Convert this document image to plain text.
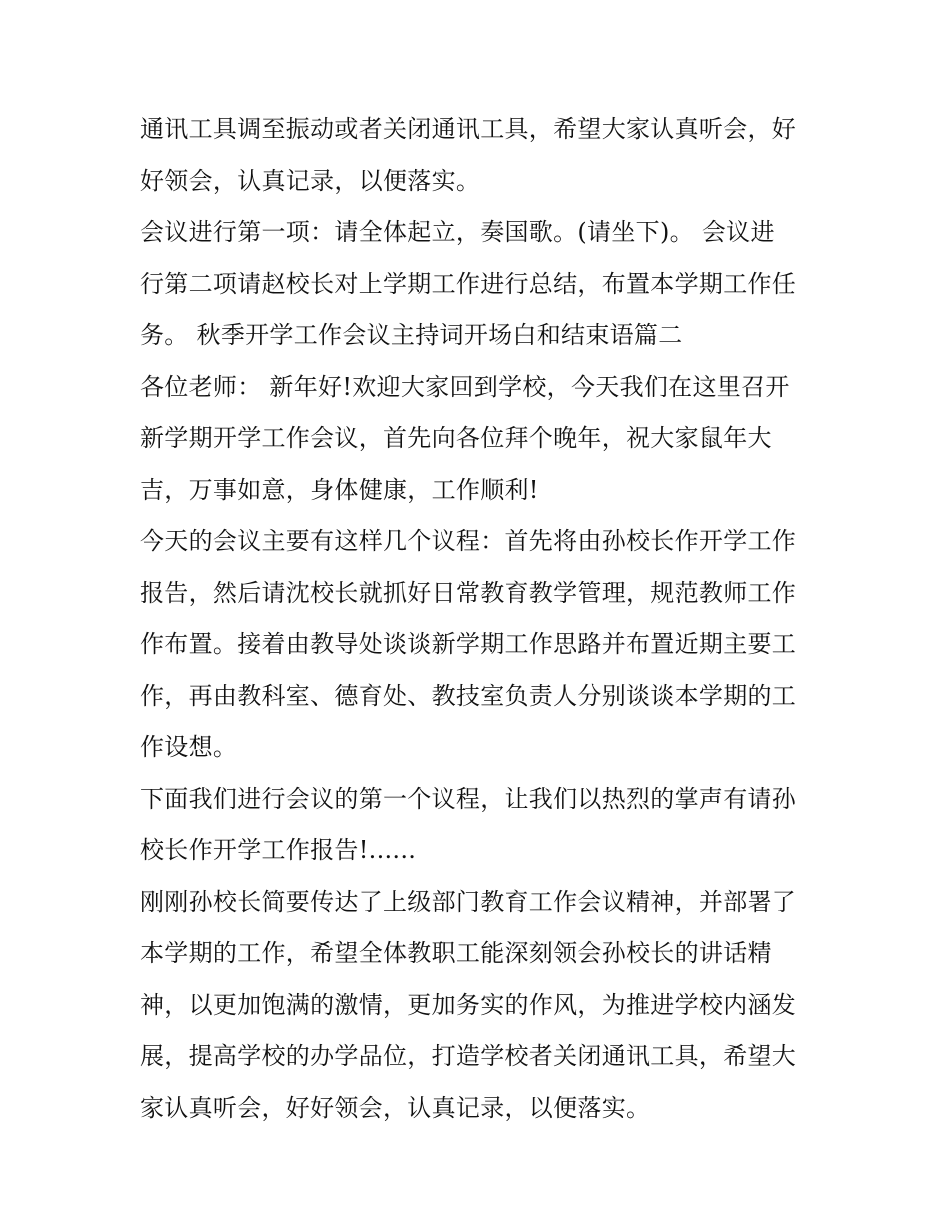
通讯工具调至振动或者关闭通讯工具，希望大家认真听会，好
好领会，认真记录，以便落实。
会议进行第一项：请全体起立，奏国歌。(请坐下)。 会议进
行第二项请赵校长对上学期工作进行总结，布置本学期工作任
务。 秋季开学工作会议主持词开场白和结束语篇二
各位老师： 新年好!欢迎大家回到学校，今天我们在这里召开
新学期开学工作会议，首先向各位拜个晚年，祝大家鼠年大
吉，万事如意，身体健康，工作顺利!
今天的会议主要有这样几个议程：首先将由孙校长作开学工作
报告，然后请沈校长就抓好日常教育教学管理，规范教师工作
作布置。接着由教导处谈谈新学期工作思路并布置近期主要工
作，再由教科室、德育处、教技室负责人分别谈谈本学期的工
作设想。
下面我们进行会议的第一个议程，让我们以热烈的掌声有请孙
校长作开学工作报告!......
刚刚孙校长简要传达了上级部门教育工作会议精神，并部署了
本学期的工作，希望全体教职工能深刻领会孙校长的讲话精
神，以更加饱满的激情，更加务实的作风，为推进学校内涵发
展，提高学校的办学品位，打造学校者关闭通讯工具，希望大
家认真听会，好好领会，认真记录，以便落实。
